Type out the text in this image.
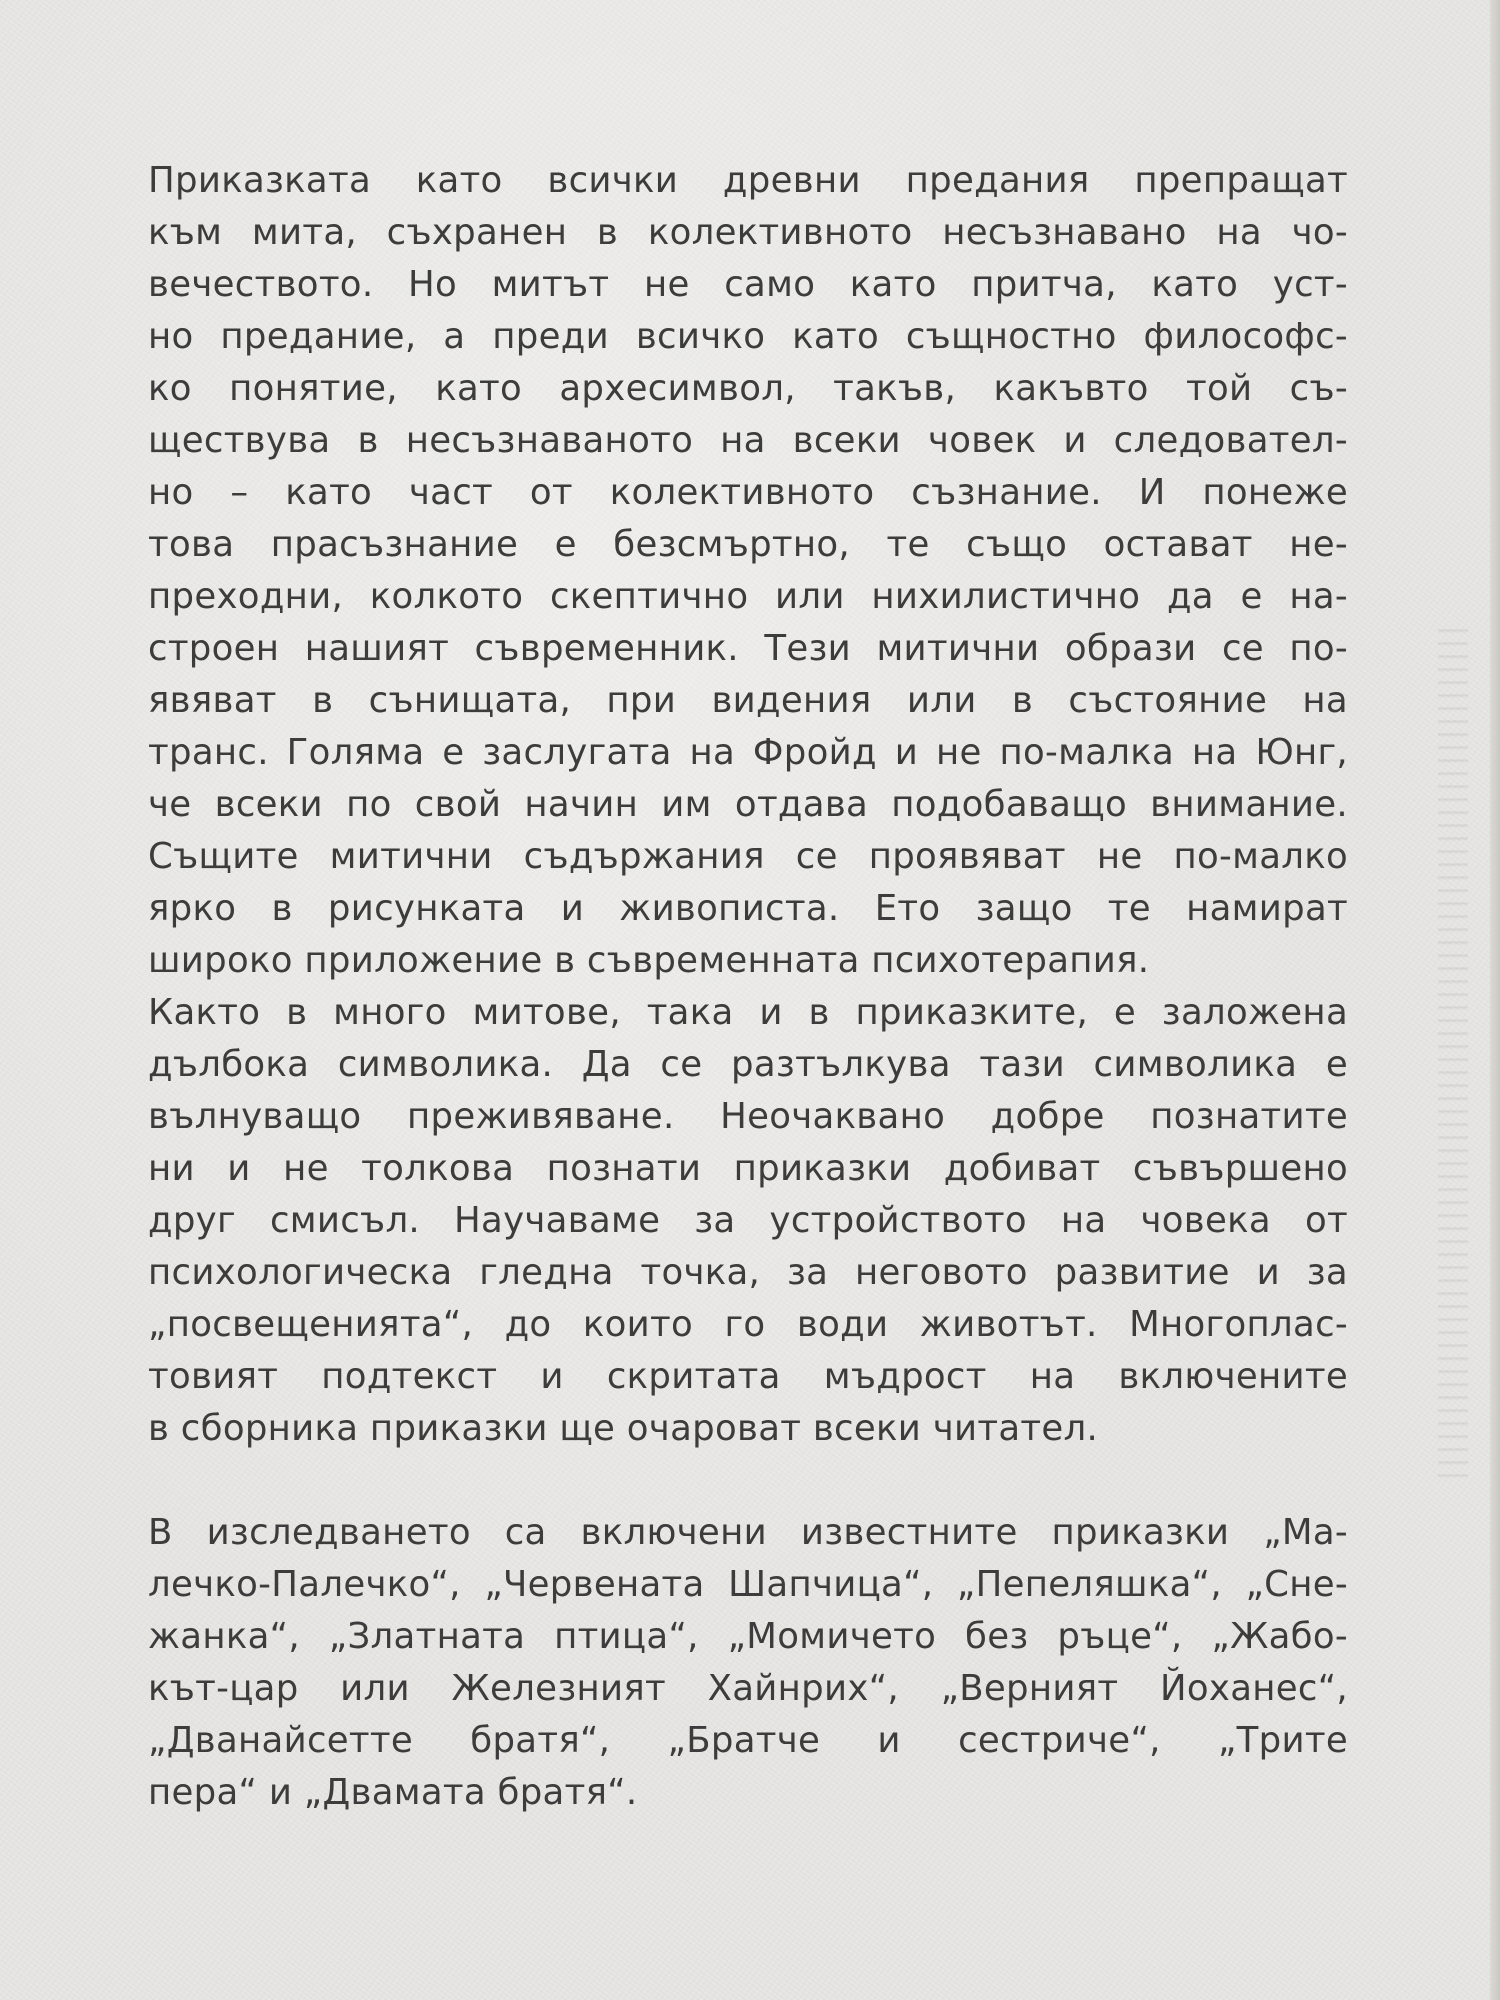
Приказката като всички древни предания препращат
към мита, съхранен в колективното несъзнавано на чо-
вечеството. Но митът не само като притча, като уст-
но предание, а преди всичко като същностно философс-
ко понятие, като архесимвол, такъв, какъвто той съ-
ществува в несъзнаваното на всеки човек и следовател-
но – като част от колективното съзнание. И понеже
това прасъзнание е безсмъртно, те също остават не-
преходни, колкото скептично или нихилистично да е на-
строен нашият съвременник. Тези митични образи се по-
явяват в сънищата, при видения или в състояние на
транс. Голяма е заслугата на Фройд и не по-малка на Юнг,
че всеки по свой начин им отдава подобаващо внимание.
Същите митични съдържания се проявяват не по-малко
ярко в рисунката и живописта. Ето защо те намират
широко приложение в съвременната психотерапия.
Както в много митове, така и в приказките, е заложена
дълбока символика. Да се разтълкува тази символика е
вълнуващо преживяване. Неочаквано добре познатите
ни и не толкова познати приказки добиват съвършено
друг смисъл. Научаваме за устройството на човека от
психологическа гледна точка, за неговото развитие и за
„посвещенията“, до които го води животът. Многоплас-
товият подтекст и скритата мъдрост на включените
в сборника приказки ще очароват всеки читател.
В изследването са включени известните приказки „Ма-
лечко-Палечко“, „Червената Шапчица“, „Пепеляшка“, „Сне-
жанка“, „Златната птица“, „Момичето без ръце“, „Жабо-
кът-цар или Железният Хайнрих“, „Верният Йоханес“,
„Дванайсетте братя“, „Братче и сестриче“, „Трите
пера“ и „Двамата братя“.
